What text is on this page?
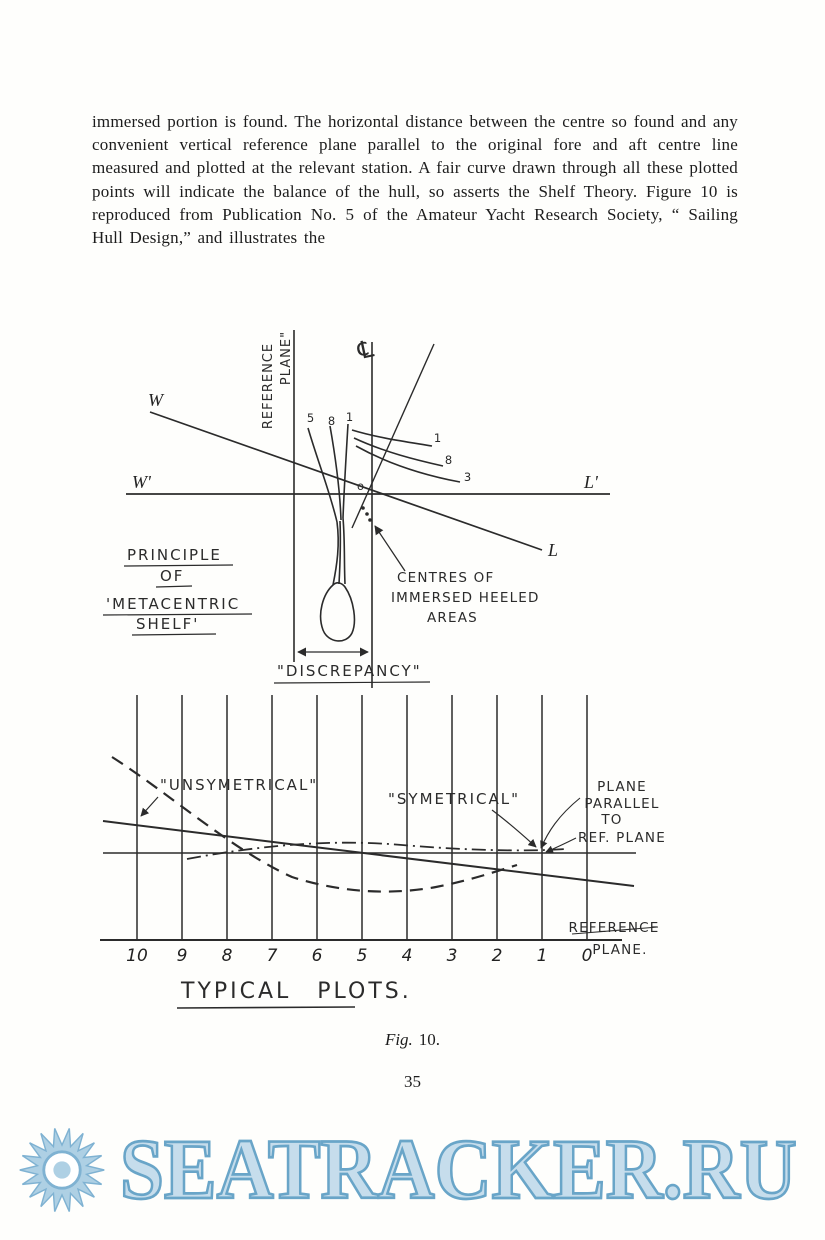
immersed portion is found. The horizontal distance between the centre so found and any convenient vertical reference plane parallel to the original fore and aft centre line measured and plotted at the relevant station. A fair curve drawn through all these plotted points will indicate the balance of the hull, so asserts the Shelf Theory. Figure 10 is reproduced from Publication No. 5 of the Amateur Yacht Research Society, “ Sailing Hull Design,” and illustrates the

REFERENCE PLANE"	℄
W
L
W'	L'
5 8 1
1
8
3
o
PRINCIPLE
OF
'METACENTRIC
SHELF'
CENTRES OF
IMMERSED HEELED
AREAS
"DISCREPANCY"
"UNSYMETRICAL"
"SYMETRICAL"
PLANE
PARALLEL
TO
REF. PLANE
REFERENCE
PLANE.
10 9 8 7 6 5 4 3 2 1 0
TYPICAL PLOTS.
Fig. 10.
35
SEATRACKER.RU
